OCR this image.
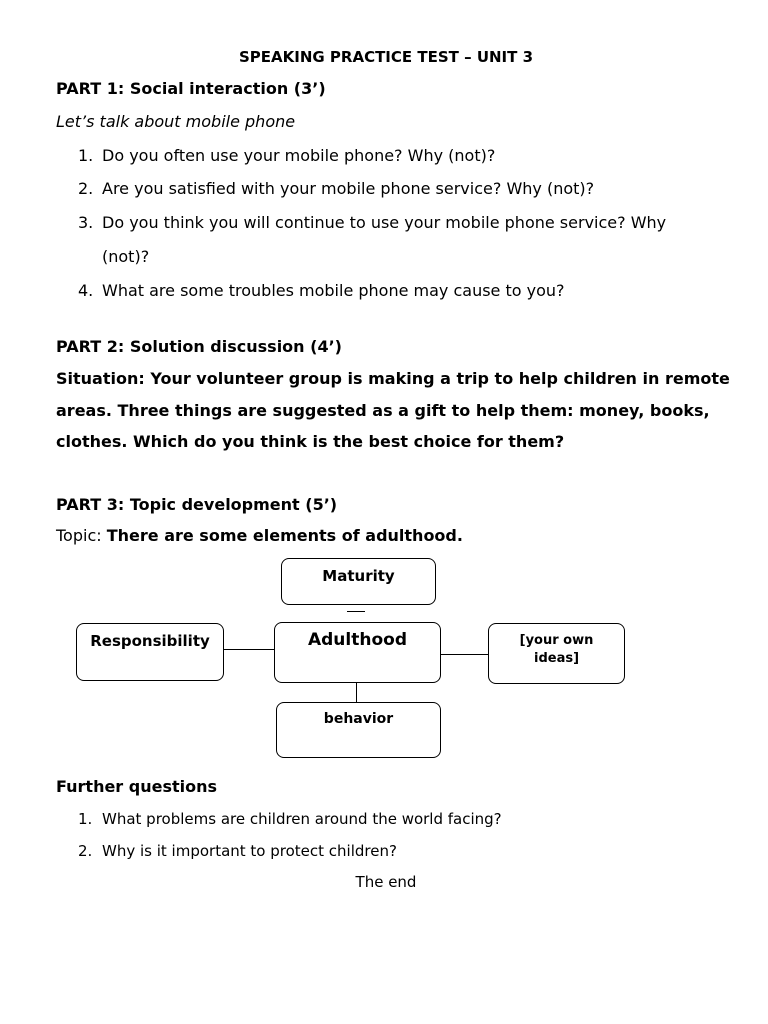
SPEAKING PRACTICE TEST – UNIT 3
PART 1: Social interaction (3’)
Let’s talk about mobile phone
1. Do you often use your mobile phone? Why (not)?
2. Are you satisfied with your mobile phone service? Why (not)?
3. Do you think you will continue to use your mobile phone service? Why
(not)?
4. What are some troubles mobile phone may cause to you?
PART 2: Solution discussion (4’)
Situation: Your volunteer group is making a trip to help children in remote
areas. Three things are suggested as a gift to help them: money, books,
clothes. Which do you think is the best choice for them?
PART 3: Topic development (5’)
Topic: There are some elements of adulthood.
Maturity
Responsibility	Adulthood	[your own
ideas]
behavior
Further questions
1. What problems are children around the world facing?
2. Why is it important to protect children?
The end
